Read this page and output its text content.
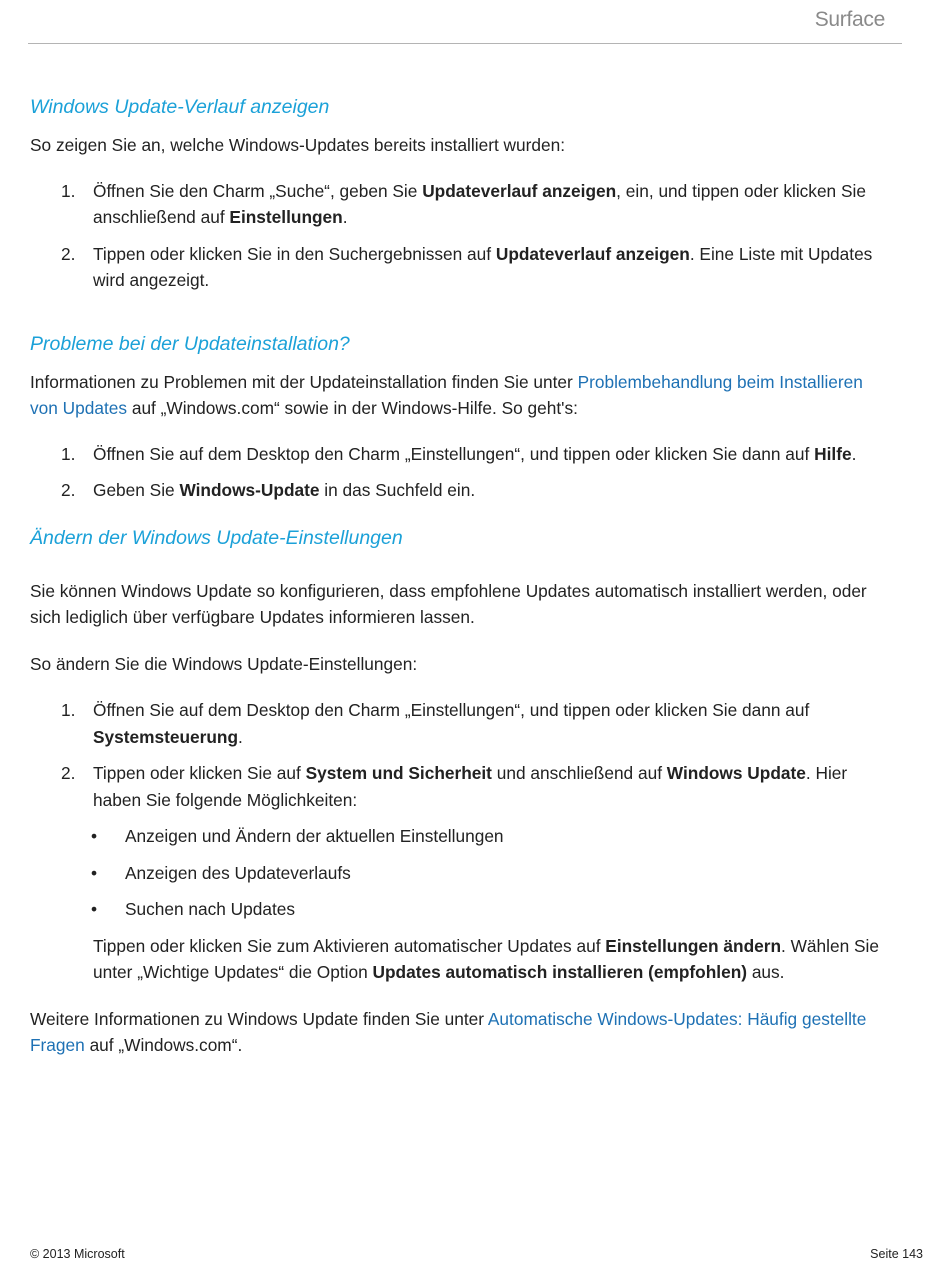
Surface
Windows Update-Verlauf anzeigen

So zeigen Sie an, welche Windows-Updates bereits installiert wurden:

1. Öffnen Sie den Charm „Suche“, geben Sie Updateverlauf anzeigen, ein, und tippen oder klicken Sie anschließend auf Einstellungen.
2. Tippen oder klicken Sie in den Suchergebnissen auf Updateverlauf anzeigen. Eine Liste mit Updates wird angezeigt.
Probleme bei der Updateinstallation?

Informationen zu Problemen mit der Updateinstallation finden Sie unter Problembehandlung beim Installieren von Updates auf „Windows.com“ sowie in der Windows-Hilfe. So geht's:

1. Öffnen Sie auf dem Desktop den Charm „Einstellungen“, und tippen oder klicken Sie dann auf Hilfe.
2. Geben Sie Windows-Update in das Suchfeld ein.
Ändern der Windows Update-Einstellungen

Sie können Windows Update so konfigurieren, dass empfohlene Updates automatisch installiert werden, oder sich lediglich über verfügbare Updates informieren lassen.

So ändern Sie die Windows Update-Einstellungen:

1. Öffnen Sie auf dem Desktop den Charm „Einstellungen“, und tippen oder klicken Sie dann auf Systemsteuerung.
2. Tippen oder klicken Sie auf System und Sicherheit und anschließend auf Windows Update. Hier haben Sie folgende Möglichkeiten:
• Anzeigen und Ändern der aktuellen Einstellungen
• Anzeigen des Updateverlaufs
• Suchen nach Updates

Tippen oder klicken Sie zum Aktivieren automatischer Updates auf Einstellungen ändern. Wählen Sie unter „Wichtige Updates“ die Option Updates automatisch installieren (empfohlen) aus.

Weitere Informationen zu Windows Update finden Sie unter Automatische Windows-Updates: Häufig gestellte Fragen auf „Windows.com“.

© 2013 Microsoft	Seite 143
